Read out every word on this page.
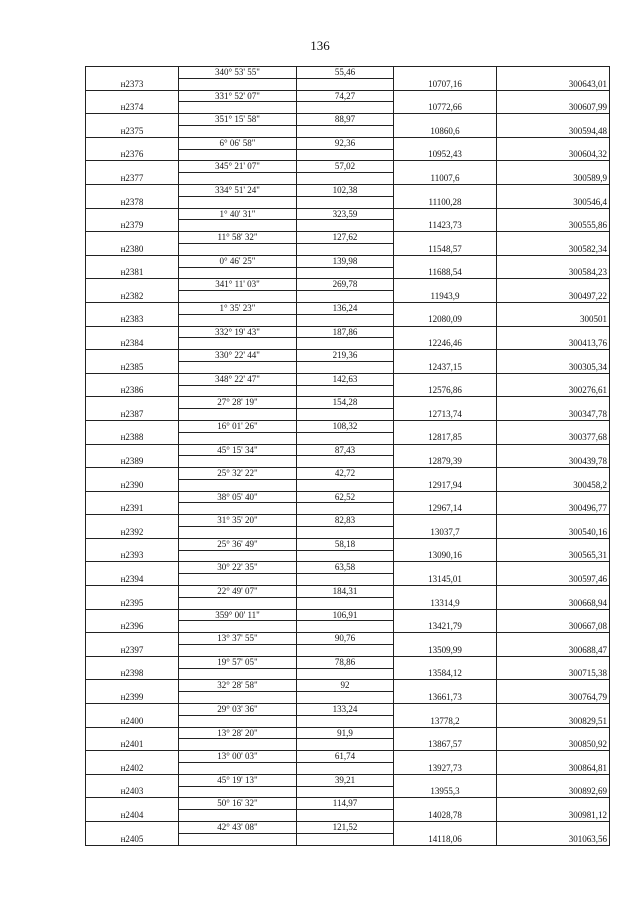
136
	340° 53' 55"	55,46		
н2373			10707,16	300643,01
	331° 52' 07"	74,27		
н2374			10772,66	300607,99
	351° 15' 58"	88,97		
н2375			10860,6	300594,48
	6° 06' 58"	92,36		
н2376			10952,43	300604,32
	345° 21' 07"	57,02		
н2377			11007,6	300589,9
	334° 51' 24"	102,38		
н2378			11100,28	300546,4
	1° 40' 31"	323,59		
н2379			11423,73	300555,86
	11° 58' 32"	127,62		
н2380			11548,57	300582,34
	0° 46' 25"	139,98		
н2381			11688,54	300584,23
	341° 11' 03"	269,78		
н2382			11943,9	300497,22
	1° 35' 23"	136,24		
н2383			12080,09	300501
	332° 19' 43"	187,86		
н2384			12246,46	300413,76
	330° 22' 44"	219,36		
н2385			12437,15	300305,34
	348° 22' 47"	142,63		
н2386			12576,86	300276,61
	27° 28' 19"	154,28		
н2387			12713,74	300347,78
	16° 01' 26"	108,32		
н2388			12817,85	300377,68
	45° 15' 34"	87,43		
н2389			12879,39	300439,78
	25° 32' 22"	42,72		
н2390			12917,94	300458,2
	38° 05' 40"	62,52		
н2391			12967,14	300496,77
	31° 35' 20"	82,83		
н2392			13037,7	300540,16
	25° 36' 49"	58,18		
н2393			13090,16	300565,31
	30° 22' 35"	63,58		
н2394			13145,01	300597,46
	22° 49' 07"	184,31		
н2395			13314,9	300668,94
	359° 00' 11"	106,91		
н2396			13421,79	300667,08
	13° 37' 55"	90,76		
н2397			13509,99	300688,47
	19° 57' 05"	78,86		
н2398			13584,12	300715,38
	32° 28' 58"	92		
н2399			13661,73	300764,79
	29° 03' 36"	133,24		
н2400			13778,2	300829,51
	13° 28' 20"	91,9		
н2401			13867,57	300850,92
	13° 00' 03"	61,74		
н2402			13927,73	300864,81
	45° 19' 13"	39,21		
н2403			13955,3	300892,69
	50° 16' 32"	114,97		
н2404			14028,78	300981,12
	42° 43' 08"	121,52		
н2405			14118,06	301063,56
